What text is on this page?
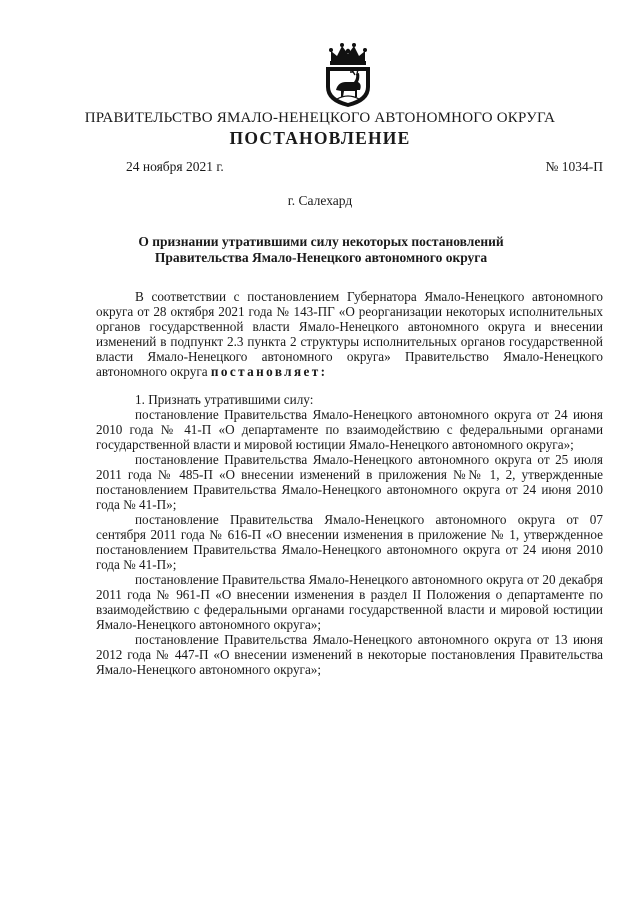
ПРАВИТЕЛЬСТВО ЯМАЛО-НЕНЕЦКОГО АВТОНОМНОГО ОКРУГА
ПОСТАНОВЛЕНИЕ
24 ноября 2021 г.	№ 1034-П
г. Салехард
О признании утратившими силу некоторых постановлений
Правительства Ямало-Ненецкого автономного округа

В соответствии с постановлением Губернатора Ямало-Ненецкого автономного округа от 28 октября 2021 года № 143-ПГ «О реорганизации некоторых исполнительных органов государственной власти Ямало-Ненецкого автономного округа и внесении изменений в подпункт 2.3 пункта 2 структуры исполнительных органов государственной власти Ямало-Ненецкого автономного округа» Правительство Ямало-Ненецкого автономного округа постановляет:

1. Признать утратившими силу:

постановление Правительства Ямало-Ненецкого автономного округа от 24 июня 2010 года № 41-П «О департаменте по взаимодействию с федеральными органами государственной власти и мировой юстиции Ямало-Ненецкого автономного округа»;

постановление Правительства Ямало-Ненецкого автономного округа от 25 июля 2011 года № 485-П «О внесении изменений в приложения №№ 1, 2, утвержденные постановлением Правительства Ямало-Ненецкого автономного округа от 24 июня 2010 года № 41-П»;

постановление Правительства Ямало-Ненецкого автономного округа от 07 сентября 2011 года № 616-П «О внесении изменения в приложение № 1, утвержденное постановлением Правительства Ямало-Ненецкого автономного округа от 24 июня 2010 года № 41-П»;

постановление Правительства Ямало-Ненецкого автономного округа от 20 декабря 2011 года № 961-П «О внесении изменения в раздел II Положения о департаменте по взаимодействию с федеральными органами государственной власти и мировой юстиции Ямало-Ненецкого автономного округа»;

постановление Правительства Ямало-Ненецкого автономного округа от 13 июня 2012 года № 447-П «О внесении изменений в некоторые постановления Правительства Ямало-Ненецкого автономного округа»;
